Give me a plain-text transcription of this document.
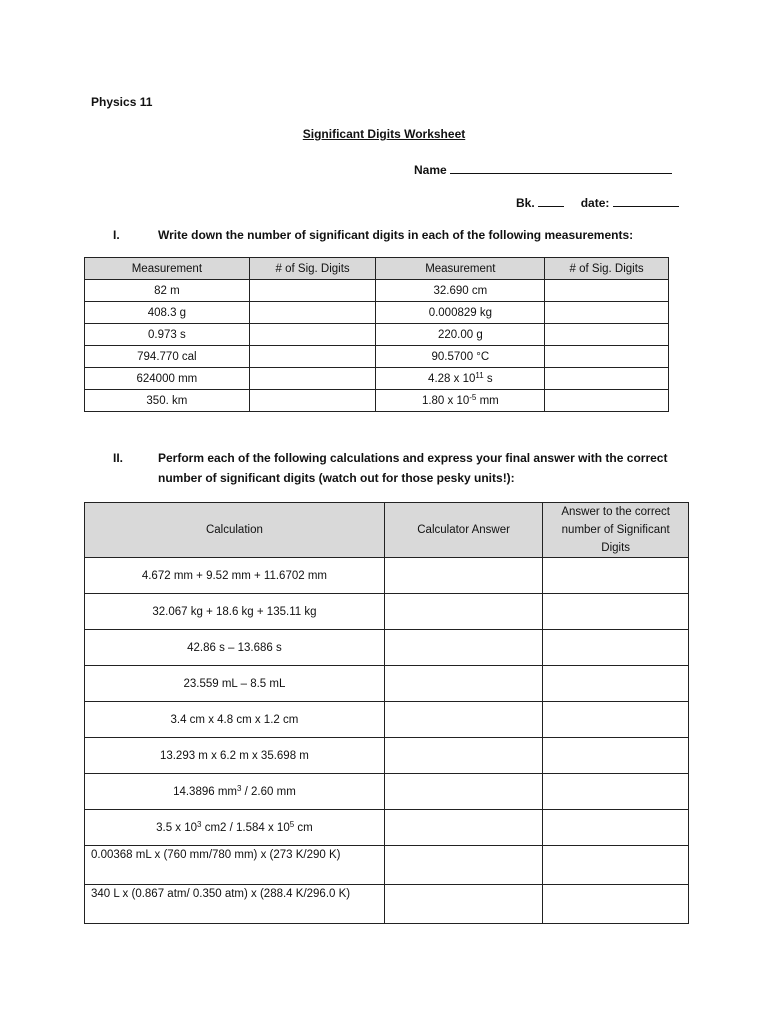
Physics 11
Significant Digits Worksheet
Name
Bk.	date:
I.	Write down the number of significant digits in each of the following measurements:
Measurement	# of Sig. Digits	Measurement	# of Sig. Digits
82 m		32.690 cm	
408.3 g		0.000829 kg	
0.973 s		220.00 g	
794.770 cal		90.5700 °C	
624000 mm		4.28 x $10^{11}$ s	
350. km		1.80 x $10^{-5}$ mm	
II.	Perform each of the following calculations and express your final answer with the correct
number of significant digits (watch out for those pesky units!):
Calculation	Calculator Answer	Answer to the correct number of Significant Digits
4.672 mm + 9.52 mm + 11.6702 mm		
32.067 kg + 18.6 kg + 135.11 kg		
42.86 s – 13.686 s		
23.559 mL – 8.5 mL		
3.4 cm x 4.8 cm x 1.2 cm		
13.293 m x 6.2 m x 35.698 m		
14.3896 $mm^3 / 2.60$ mm		
3.5 x $10^3$ cm2 / 1.584 x $10^5$ cm		
0.00368 mL x (760 mm/780 mm) x (273 K/290 K)		
340 L x (0.867 atm/ 0.350 atm) x (288.4 K/296.0 K)		
